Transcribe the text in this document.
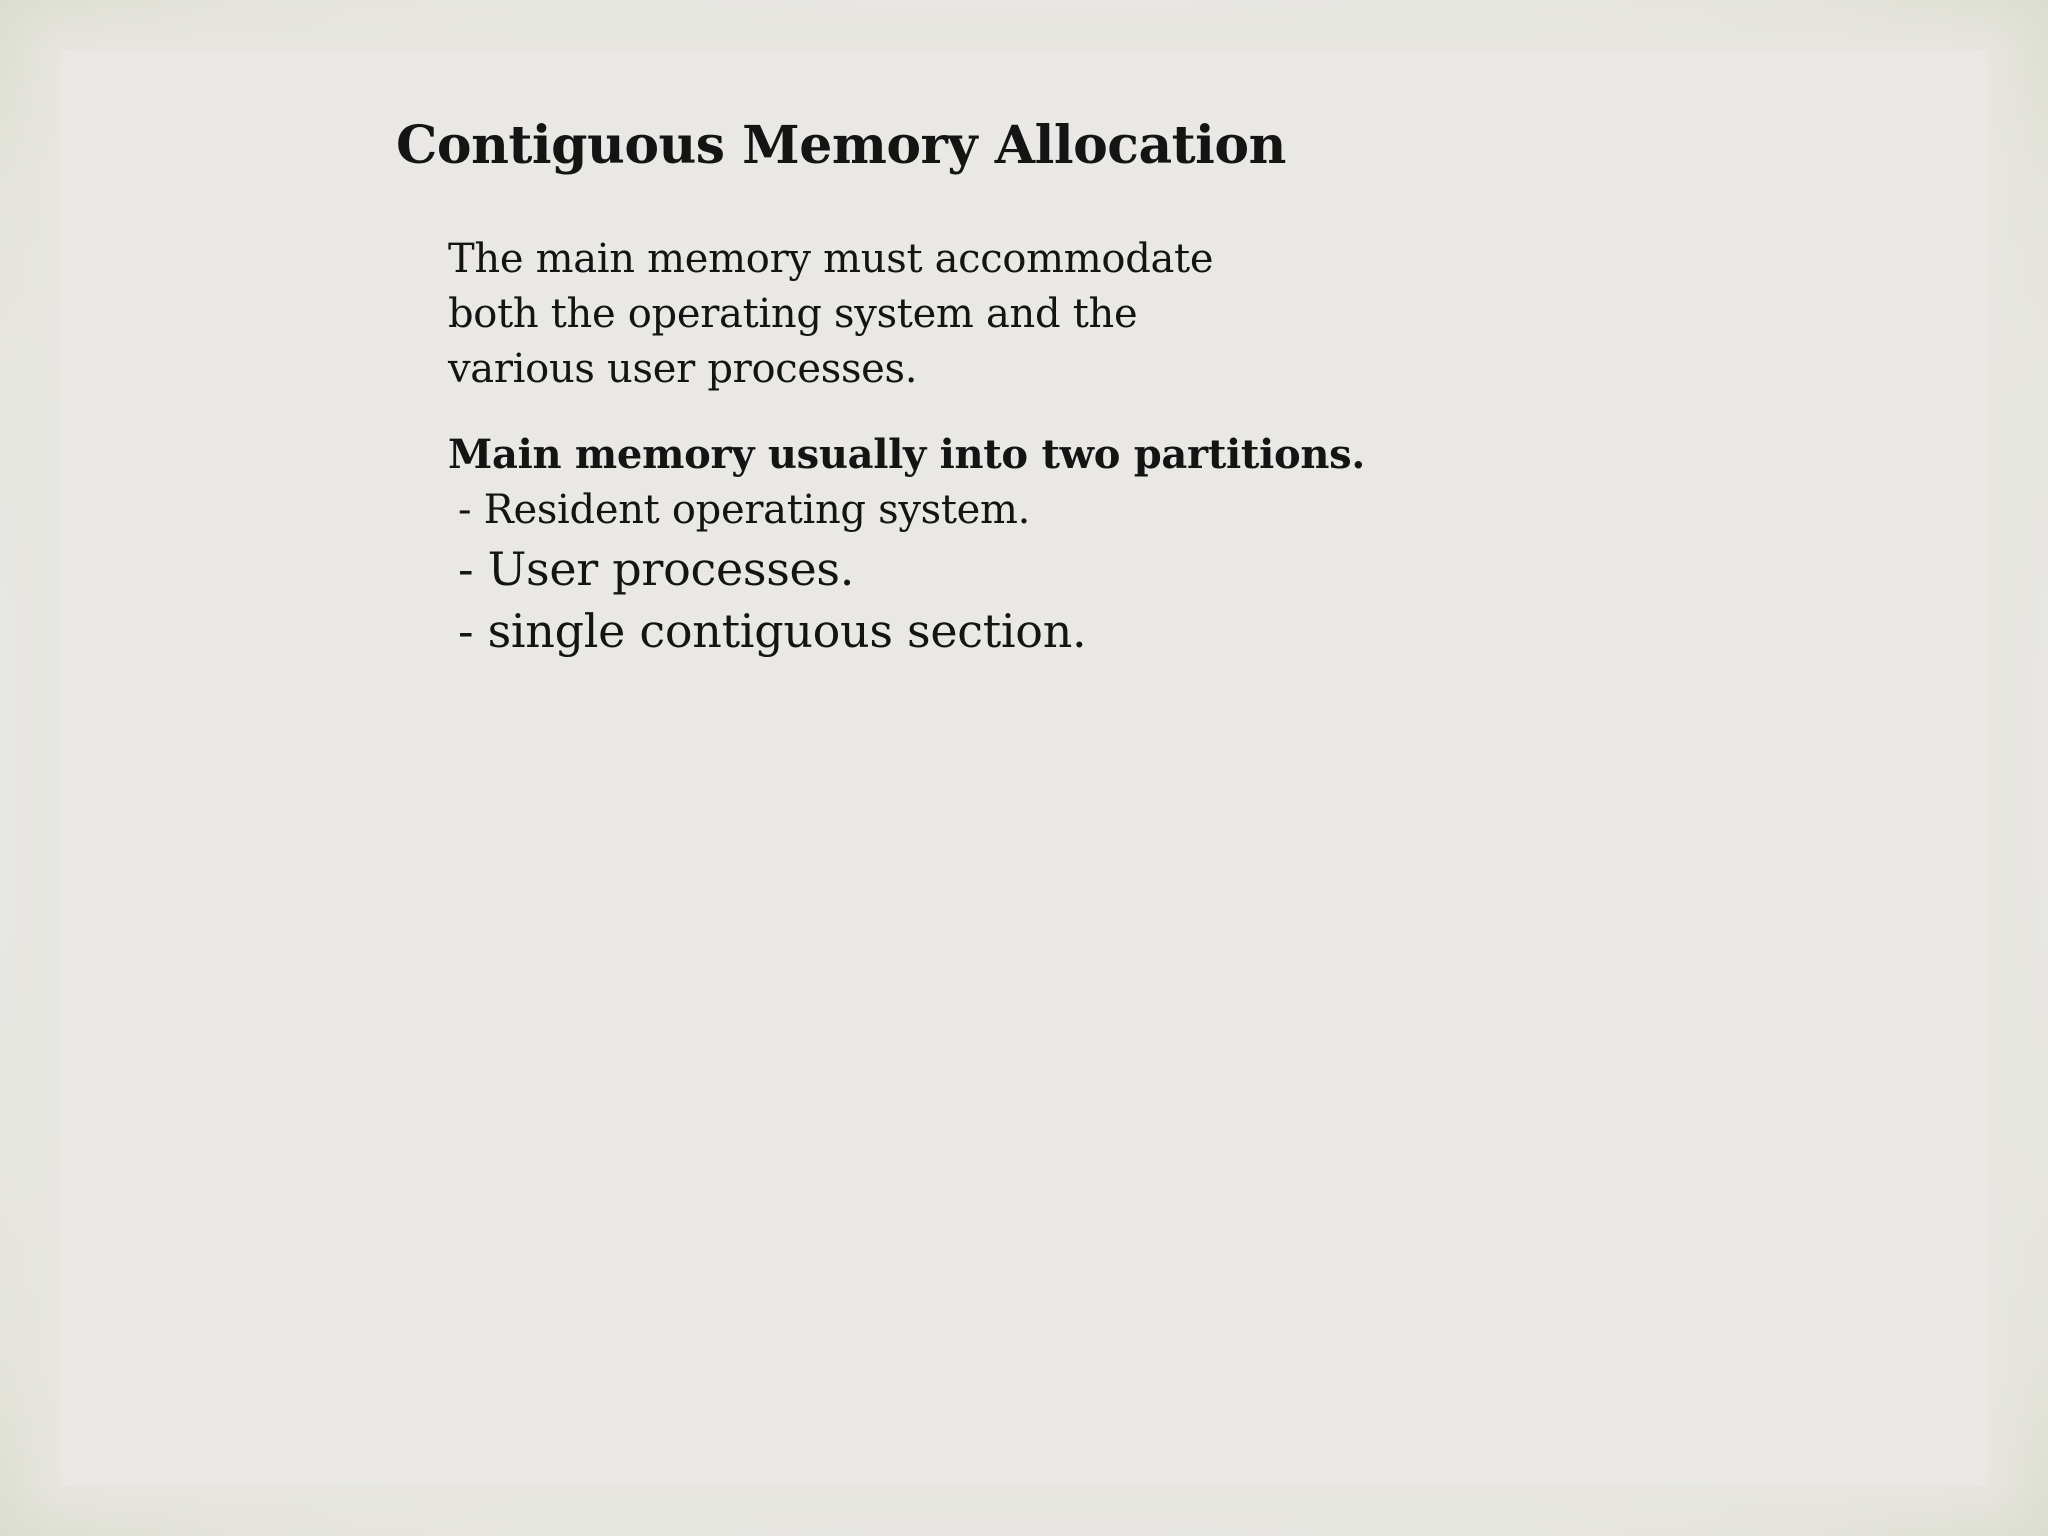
Contiguous Memory Allocation

The main memory must accommodate
both the operating system and the
various user processes.

Main memory usually into two partitions.
- Resident operating system.
- User processes.
- single contiguous section.
